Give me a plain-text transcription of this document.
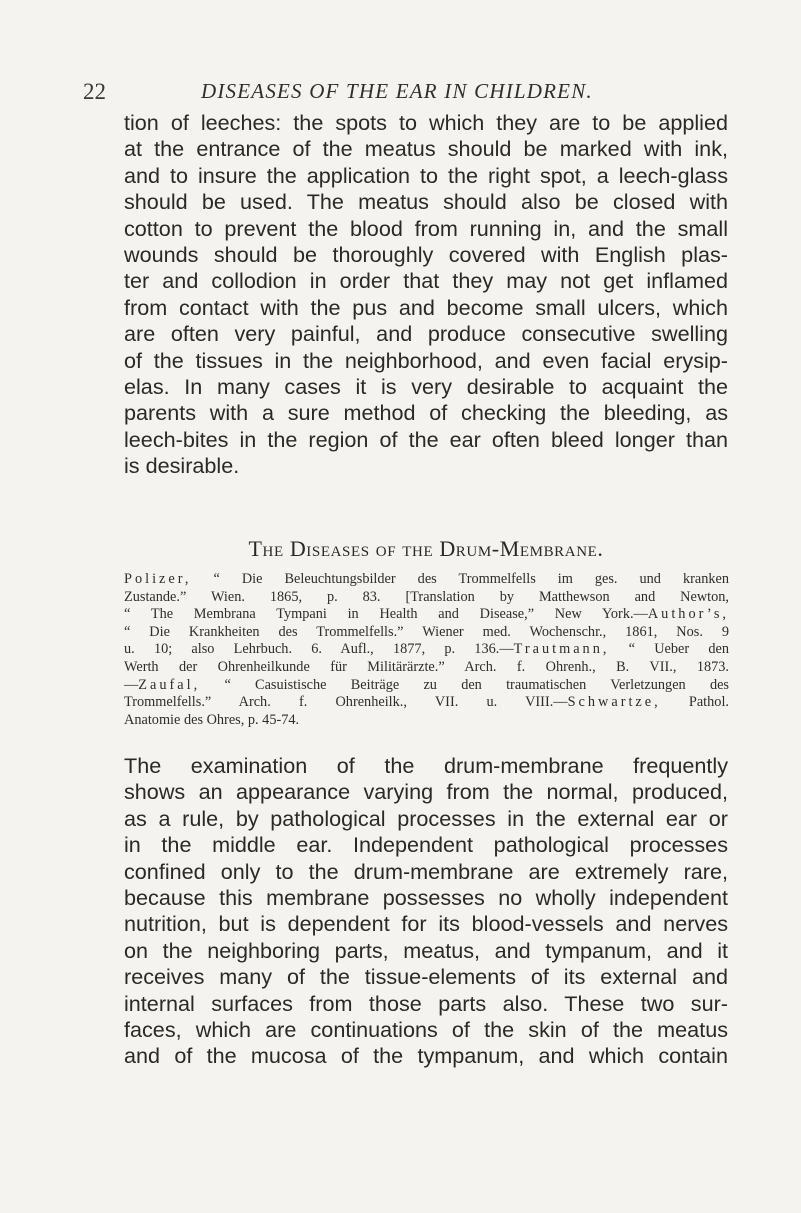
22	DISEASES OF THE EAR IN CHILDREN.
tion of leeches: the spots to which they are to be applied
at the entrance of the meatus should be marked with ink,
and to insure the application to the right spot, a leech-glass
should be used. The meatus should also be closed with
cotton to prevent the blood from running in, and the small
wounds should be thoroughly covered with English plas-
ter and collodion in order that they may not get inflamed
from contact with the pus and become small ulcers, which
are often very painful, and produce consecutive swelling
of the tissues in the neighborhood, and even facial erysip-
elas. In many cases it is very desirable to acquaint the
parents with a sure method of checking the bleeding, as
leech-bites in the region of the ear often bleed longer than
is desirable.
The Diseases of the Drum-Membrane.
Polizer, “ Die Beleuchtungsbilder des Trommelfells im ges. und kranken
Zustande.” Wien. 1865, p. 83. [Translation by Matthewson and Newton,
“ The Membrana Tympani in Health and Disease,” New York.—Author’s,
“ Die Krankheiten des Trommelfells.” Wiener med. Wochenschr., 1861, Nos. 9
u. 10; also Lehrbuch. 6. Aufl., 1877, p. 136.—Trautmann, “ Ueber den
Werth der Ohrenheilkunde für Militärärzte.” Arch. f. Ohrenh., B. VII., 1873.
—Zaufal, “ Casuistische Beiträge zu den traumatischen Verletzungen des
Trommelfells.” Arch. f. Ohrenheilk., VII. u. VIII.—Schwartze, Pathol.
Anatomie des Ohres, p. 45-74.
The examination of the drum-membrane frequently
shows an appearance varying from the normal, produced,
as a rule, by pathological processes in the external ear or
in the middle ear. Independent pathological processes
confined only to the drum-membrane are extremely rare,
because this membrane possesses no wholly independent
nutrition, but is dependent for its blood-vessels and nerves
on the neighboring parts, meatus, and tympanum, and it
receives many of the tissue-elements of its external and
internal surfaces from those parts also. These two sur-
faces, which are continuations of the skin of the meatus
and of the mucosa of the tympanum, and which contain
